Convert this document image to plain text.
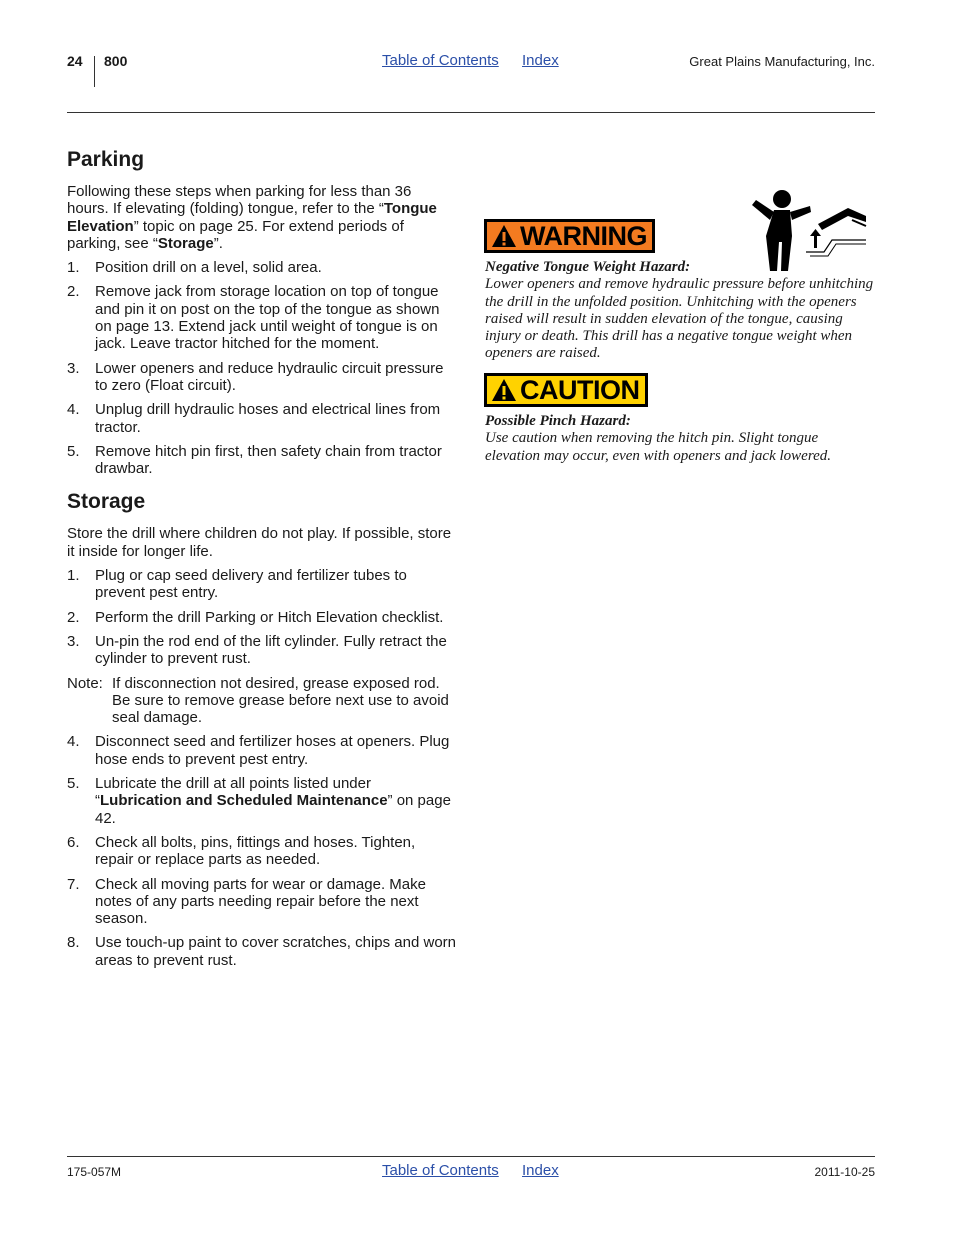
24 800	Table of Contents Index	Great Plains Manufacturing, Inc.
Parking

Following these steps when parking for less than 36 hours. If elevating (folding) tongue, refer to the “Tongue Elevation” topic on page 25. For extend periods of parking, see “Storage”.

1. Position drill on a level, solid area.
2. Remove jack from storage location on top of tongue and pin it on post on the top of the tongue as shown on page 13. Extend jack until weight of tongue is on jack. Leave tractor hitched for the moment.
3. Lower openers and reduce hydraulic circuit pressure to zero (Float circuit).
4. Unplug drill hydraulic hoses and electrical lines from tractor.
5. Remove hitch pin first, then safety chain from tractor drawbar.
Storage

Store the drill where children do not play. If possible, store it inside for longer life.

1. Plug or cap seed delivery and fertilizer tubes to prevent pest entry.
2. Perform the drill Parking or Hitch Elevation checklist.
3. Un-pin the rod end of the lift cylinder. Fully retract the cylinder to prevent rust.
Note: If disconnection not desired, grease exposed rod. Be sure to remove grease before next use to avoid seal damage.
4. Disconnect seed and fertilizer hoses at openers. Plug hose ends to prevent pest entry.
5. Lubricate the drill at all points listed under “Lubrication and Scheduled Maintenance” on page 42.
6. Check all bolts, pins, fittings and hoses. Tighten, repair or replace parts as needed.
7. Check all moving parts for wear or damage. Make notes of any parts needing repair before the next season.
8. Use touch-up paint to cover scratches, chips and worn areas to prevent rust.
WARNING
Negative Tongue Weight Hazard:
Lower openers and remove hydraulic pressure before unhitching the drill in the unfolded position. Unhitching with the openers raised will result in sudden elevation of the tongue, causing injury or death. This drill has a negative tongue weight when openers are raised.
CAUTION
Possible Pinch Hazard:
Use caution when removing the hitch pin. Slight tongue elevation may occur, even with openers and jack lowered.
175-057M	Table of Contents Index	2011-10-25
